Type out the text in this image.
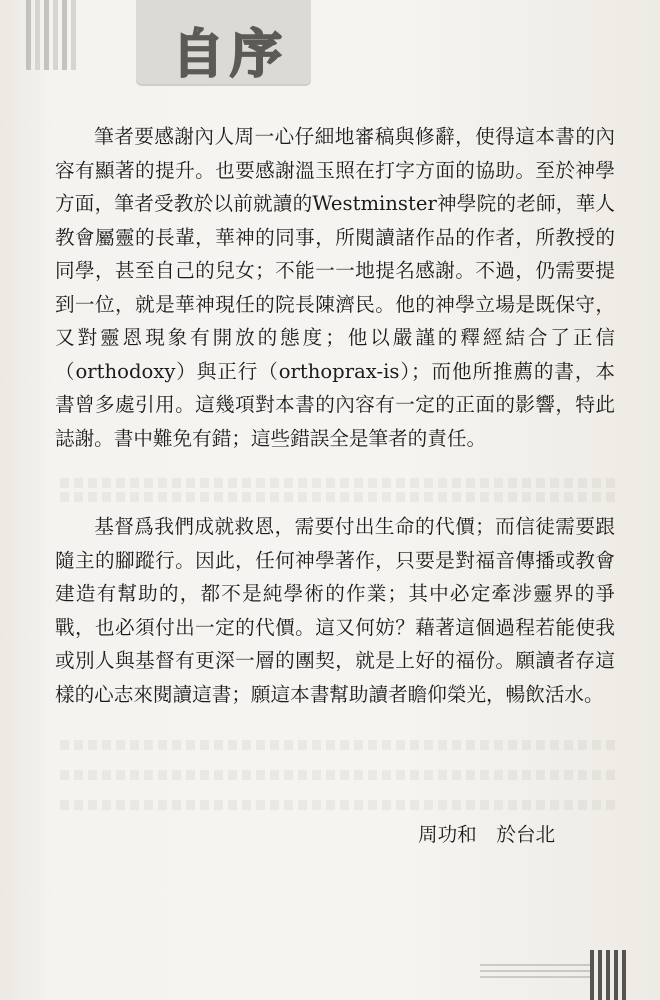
自序

筆者要感謝內人周一心仔細地審稿與修辭，使得這本書的內容有顯著的提升。也要感謝溫玉照在打字方面的協助。至於神學方面，筆者受教於以前就讀的Westminster神學院的老師，華人教會屬靈的長輩，華神的同事，所閱讀諸作品的作者，所教授的同學，甚至自己的兒女；不能一一地提名感謝。不過，仍需要提到一位，就是華神現任的院長陳濟民。他的神學立場是既保守，又對靈恩現象有開放的態度；他以嚴謹的釋經結合了正信（orthodoxy）與正行（orthoprax-is）；而他所推薦的書，本書曾多處引用。這幾項對本書的內容有一定的正面的影響，特此誌謝。書中難免有錯；這些錯誤全是筆者的責任。

基督爲我們成就救恩，需要付出生命的代價；而信徒需要跟隨主的腳蹤行。因此，任何神學著作，只要是對福音傳播或教會建造有幫助的，都不是純學術的作業；其中必定牽涉靈界的爭戰，也必須付出一定的代價。這又何妨？藉著這個過程若能使我或別人與基督有更深一層的團契，就是上好的福份。願讀者存這樣的心志來閱讀這書；願這本書幫助讀者瞻仰榮光，暢飲活水。

周功和　於台北
